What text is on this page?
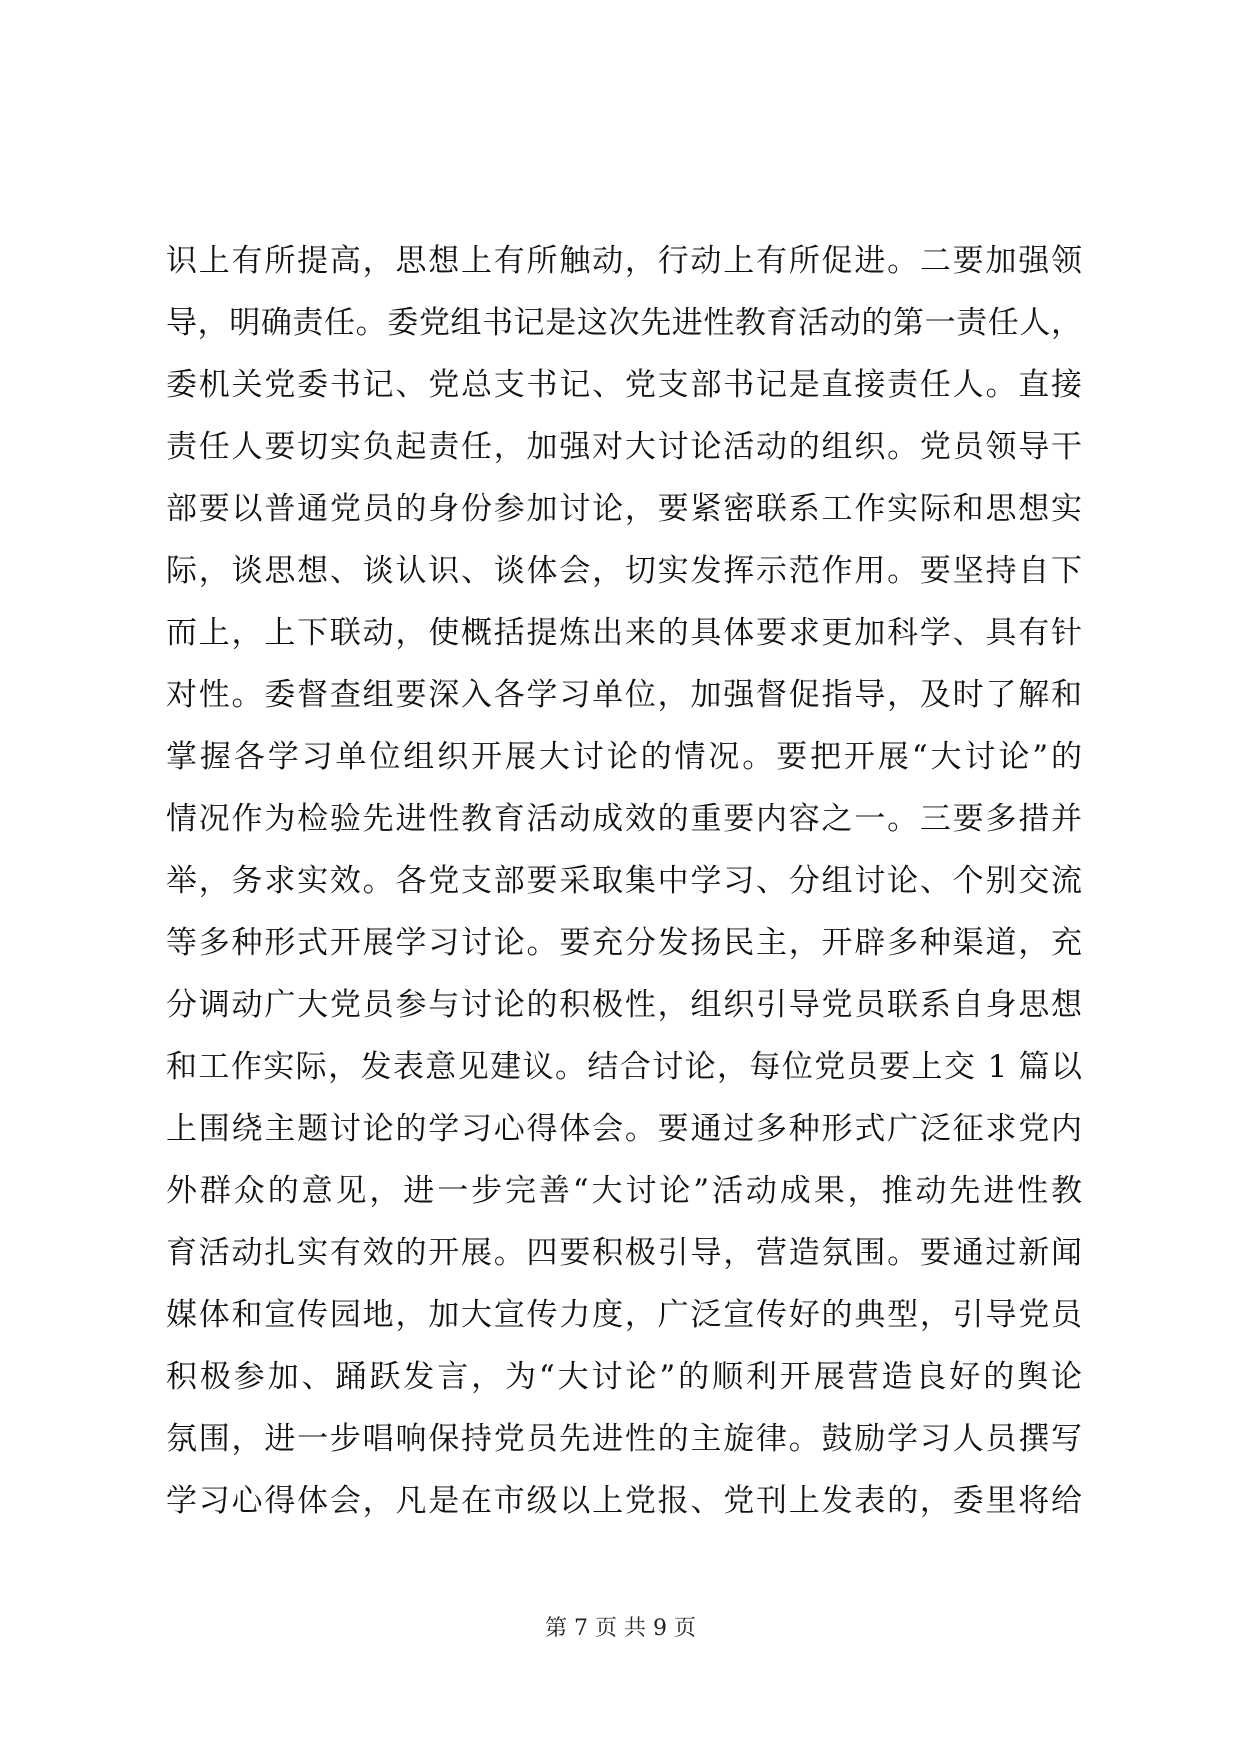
识上有所提高，思想上有所触动，行动上有所促进。二要加强领
导，明确责任。委党组书记是这次先进性教育活动的第一责任人，
委机关党委书记、党总支书记、党支部书记是直接责任人。直接
责任人要切实负起责任，加强对大讨论活动的组织。党员领导干
部要以普通党员的身份参加讨论，要紧密联系工作实际和思想实
际，谈思想、谈认识、谈体会，切实发挥示范作用。要坚持自下
而上，上下联动，使概括提炼出来的具体要求更加科学、具有针
对性。委督查组要深入各学习单位，加强督促指导，及时了解和
掌握各学习单位组织开展大讨论的情况。要把开展“大讨论”的
情况作为检验先进性教育活动成效的重要内容之一。三要多措并
举，务求实效。各党支部要采取集中学习、分组讨论、个别交流
等多种形式开展学习讨论。要充分发扬民主，开辟多种渠道，充
分调动广大党员参与讨论的积极性，组织引导党员联系自身思想
和工作实际，发表意见建议。结合讨论，每位党员要上交 1 篇以
上围绕主题讨论的学习心得体会。要通过多种形式广泛征求党内
外群众的意见，进一步完善“大讨论”活动成果，推动先进性教
育活动扎实有效的开展。四要积极引导，营造氛围。要通过新闻
媒体和宣传园地，加大宣传力度，广泛宣传好的典型，引导党员
积极参加、踊跃发言，为“大讨论”的顺利开展营造良好的舆论
氛围，进一步唱响保持党员先进性的主旋律。鼓励学习人员撰写
学习心得体会，凡是在市级以上党报、党刊上发表的，委里将给
第 7 页 共 9 页
